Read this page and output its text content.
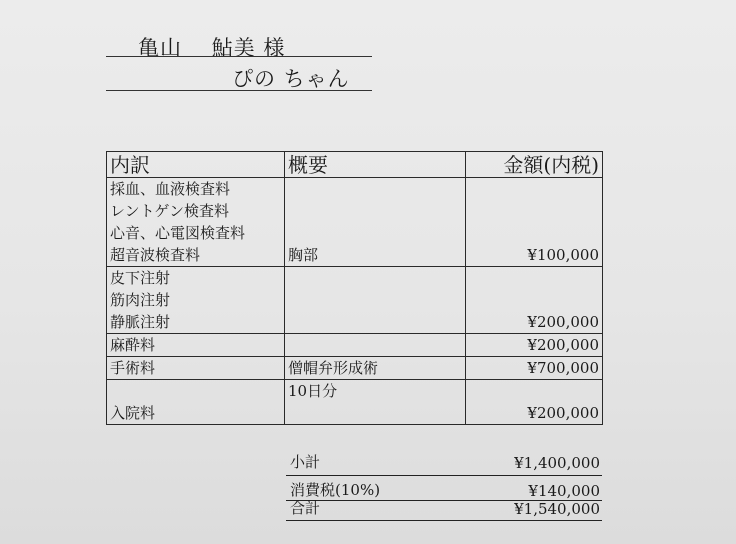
亀山　 鮎美 様
ぴの ちゃん
内訳	概要	金額(内税)

採血、血液検査料
レントゲン検査料
心音、心電図検査料
超音波検査料	胸部	¥100,000

皮下注射
筋肉注射
静脈注射		¥200,000

麻酔料		¥200,000

手術料	僧帽弁形成術	¥700,000

入院料	10日分	¥200,000
小計	¥1,400,000
消費税(10%)	¥140,000
合計	¥1,540,000
